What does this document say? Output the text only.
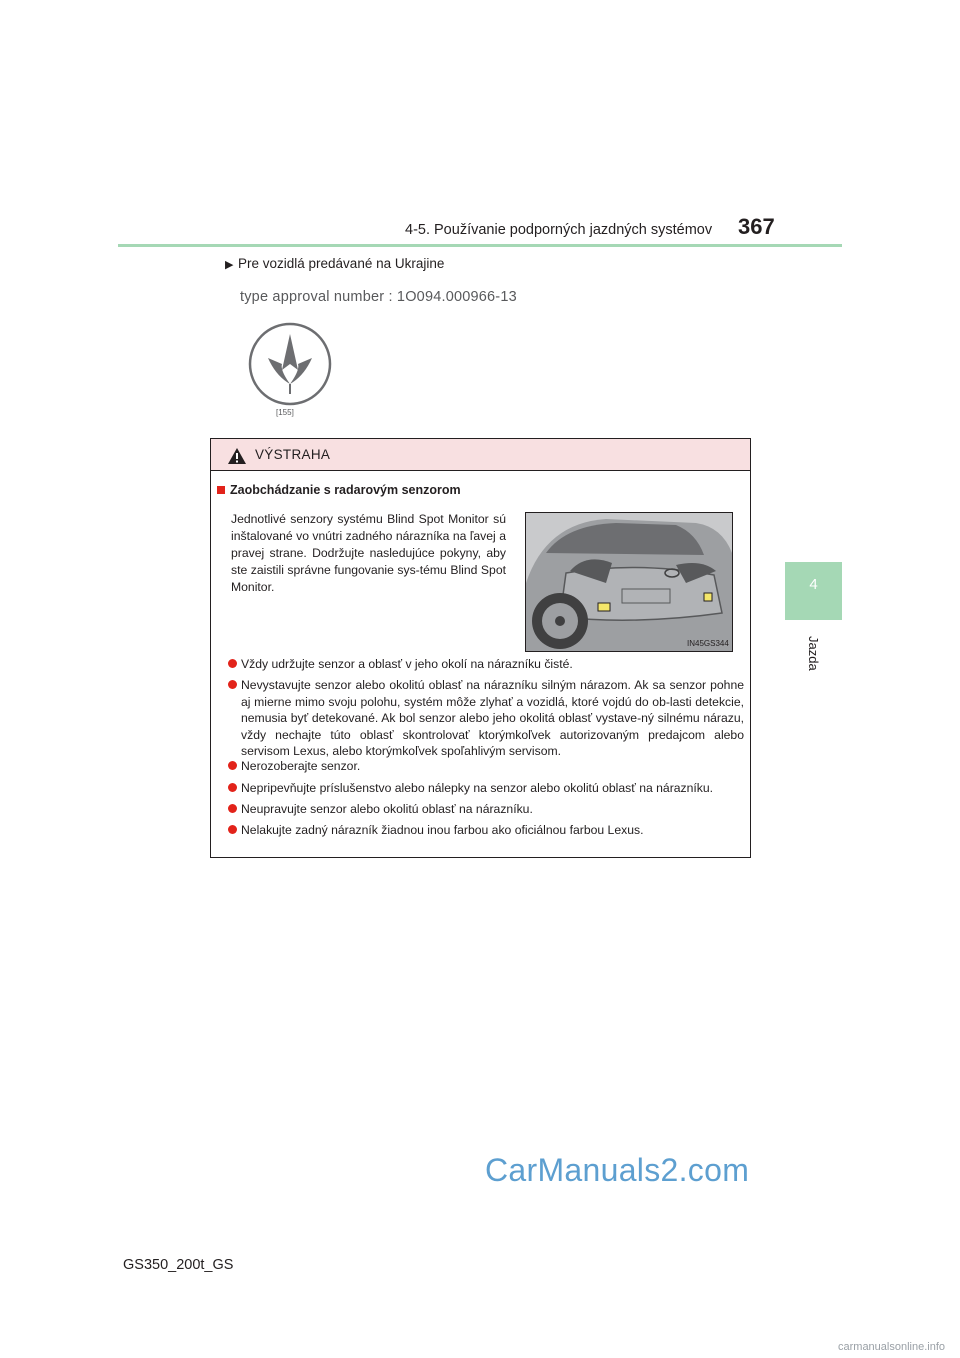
4-5. Používanie podporných jazdných systémov 367
4
Jazda
▶ Pre vozidlá predávané na Ukrajine
type approval number : 1O094.000966-13
[155]
VÝSTRAHA
Zaobchádzanie s radarovým senzorom
Jednotlivé senzory systému Blind Spot Monitor sú inštalované vo vnútri zadného nárazníka na ľavej a pravej strane. Dodržujte nasledujúce pokyny, aby ste zaistili správne fungovanie sys-tému Blind Spot Monitor.
IN45GS344
Vždy udržujte senzor a oblasť v jeho okolí na nárazníku čisté.
Nevystavujte senzor alebo okolitú oblasť na nárazníku silným nárazom. Ak sa senzor pohne aj mierne mimo svoju polohu, systém môže zlyhať a vozidlá, ktoré vojdú do ob-lasti detekcie, nemusia byť detekované. Ak bol senzor alebo jeho okolitá oblasť vystave-ný silnému nárazu, vždy nechajte túto oblasť skontrolovať ktorýmkoľvek autorizovaným predajcom alebo servisom Lexus, alebo ktorýmkoľvek spoľahlivým servisom.
Nerozoberajte senzor.
Nepripevňujte príslušenstvo alebo nálepky na senzor alebo okolitú oblasť na nárazníku.
Neupravujte senzor alebo okolitú oblasť na nárazníku.
Nelakujte zadný nárazník žiadnou inou farbou ako oficiálnou farbou Lexus.
CarManuals2.com
GS350_200t_GS
carmanualsonline.info
